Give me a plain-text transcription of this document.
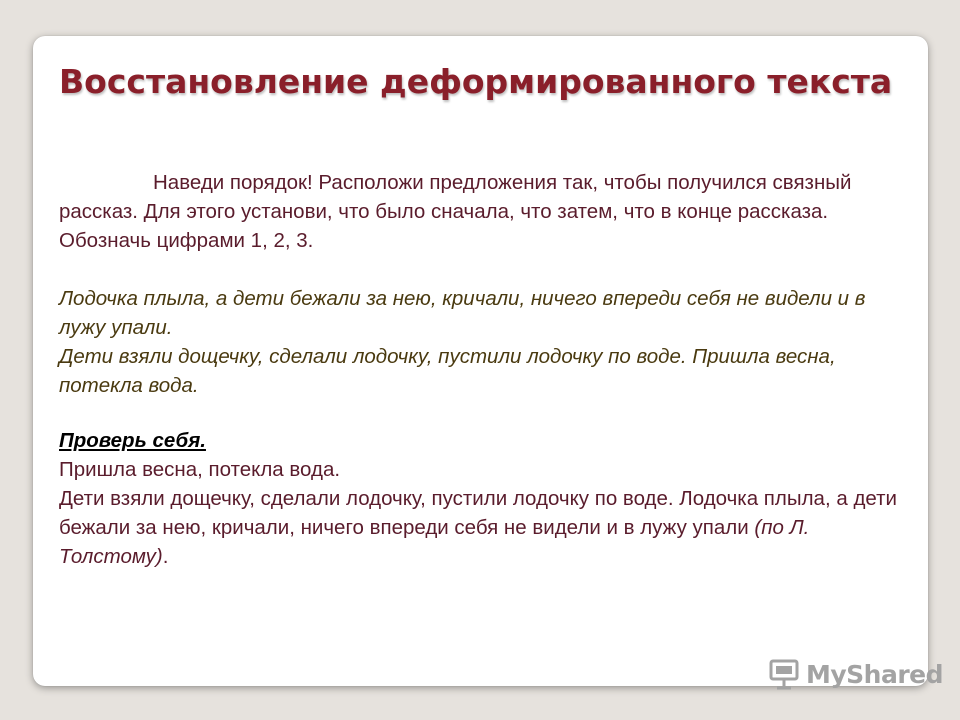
Восстановление деформированного текста

Наведи порядок! Расположи предложения так, чтобы получился связный рассказ. Для этого установи, что было сначала, что затем, что в конце рассказа. Обозначь цифрами 1, 2, 3.

Лодочка плыла, а дети бежали за нею, кричали, ничего впереди себя не видели и в лужу упали.
Дети взяли дощечку, сделали лодочку, пустили лодочку по воде. Пришла весна, потекла вода.

Проверь себя.

Пришла весна, потекла вода.
Дети взяли дощечку, сделали лодочку, пустили лодочку по воде. Лодочка плыла, а дети бежали за нею, кричали, ничего впереди себя не видели и в лужу упали (по Л. Толстому).

MyShared
